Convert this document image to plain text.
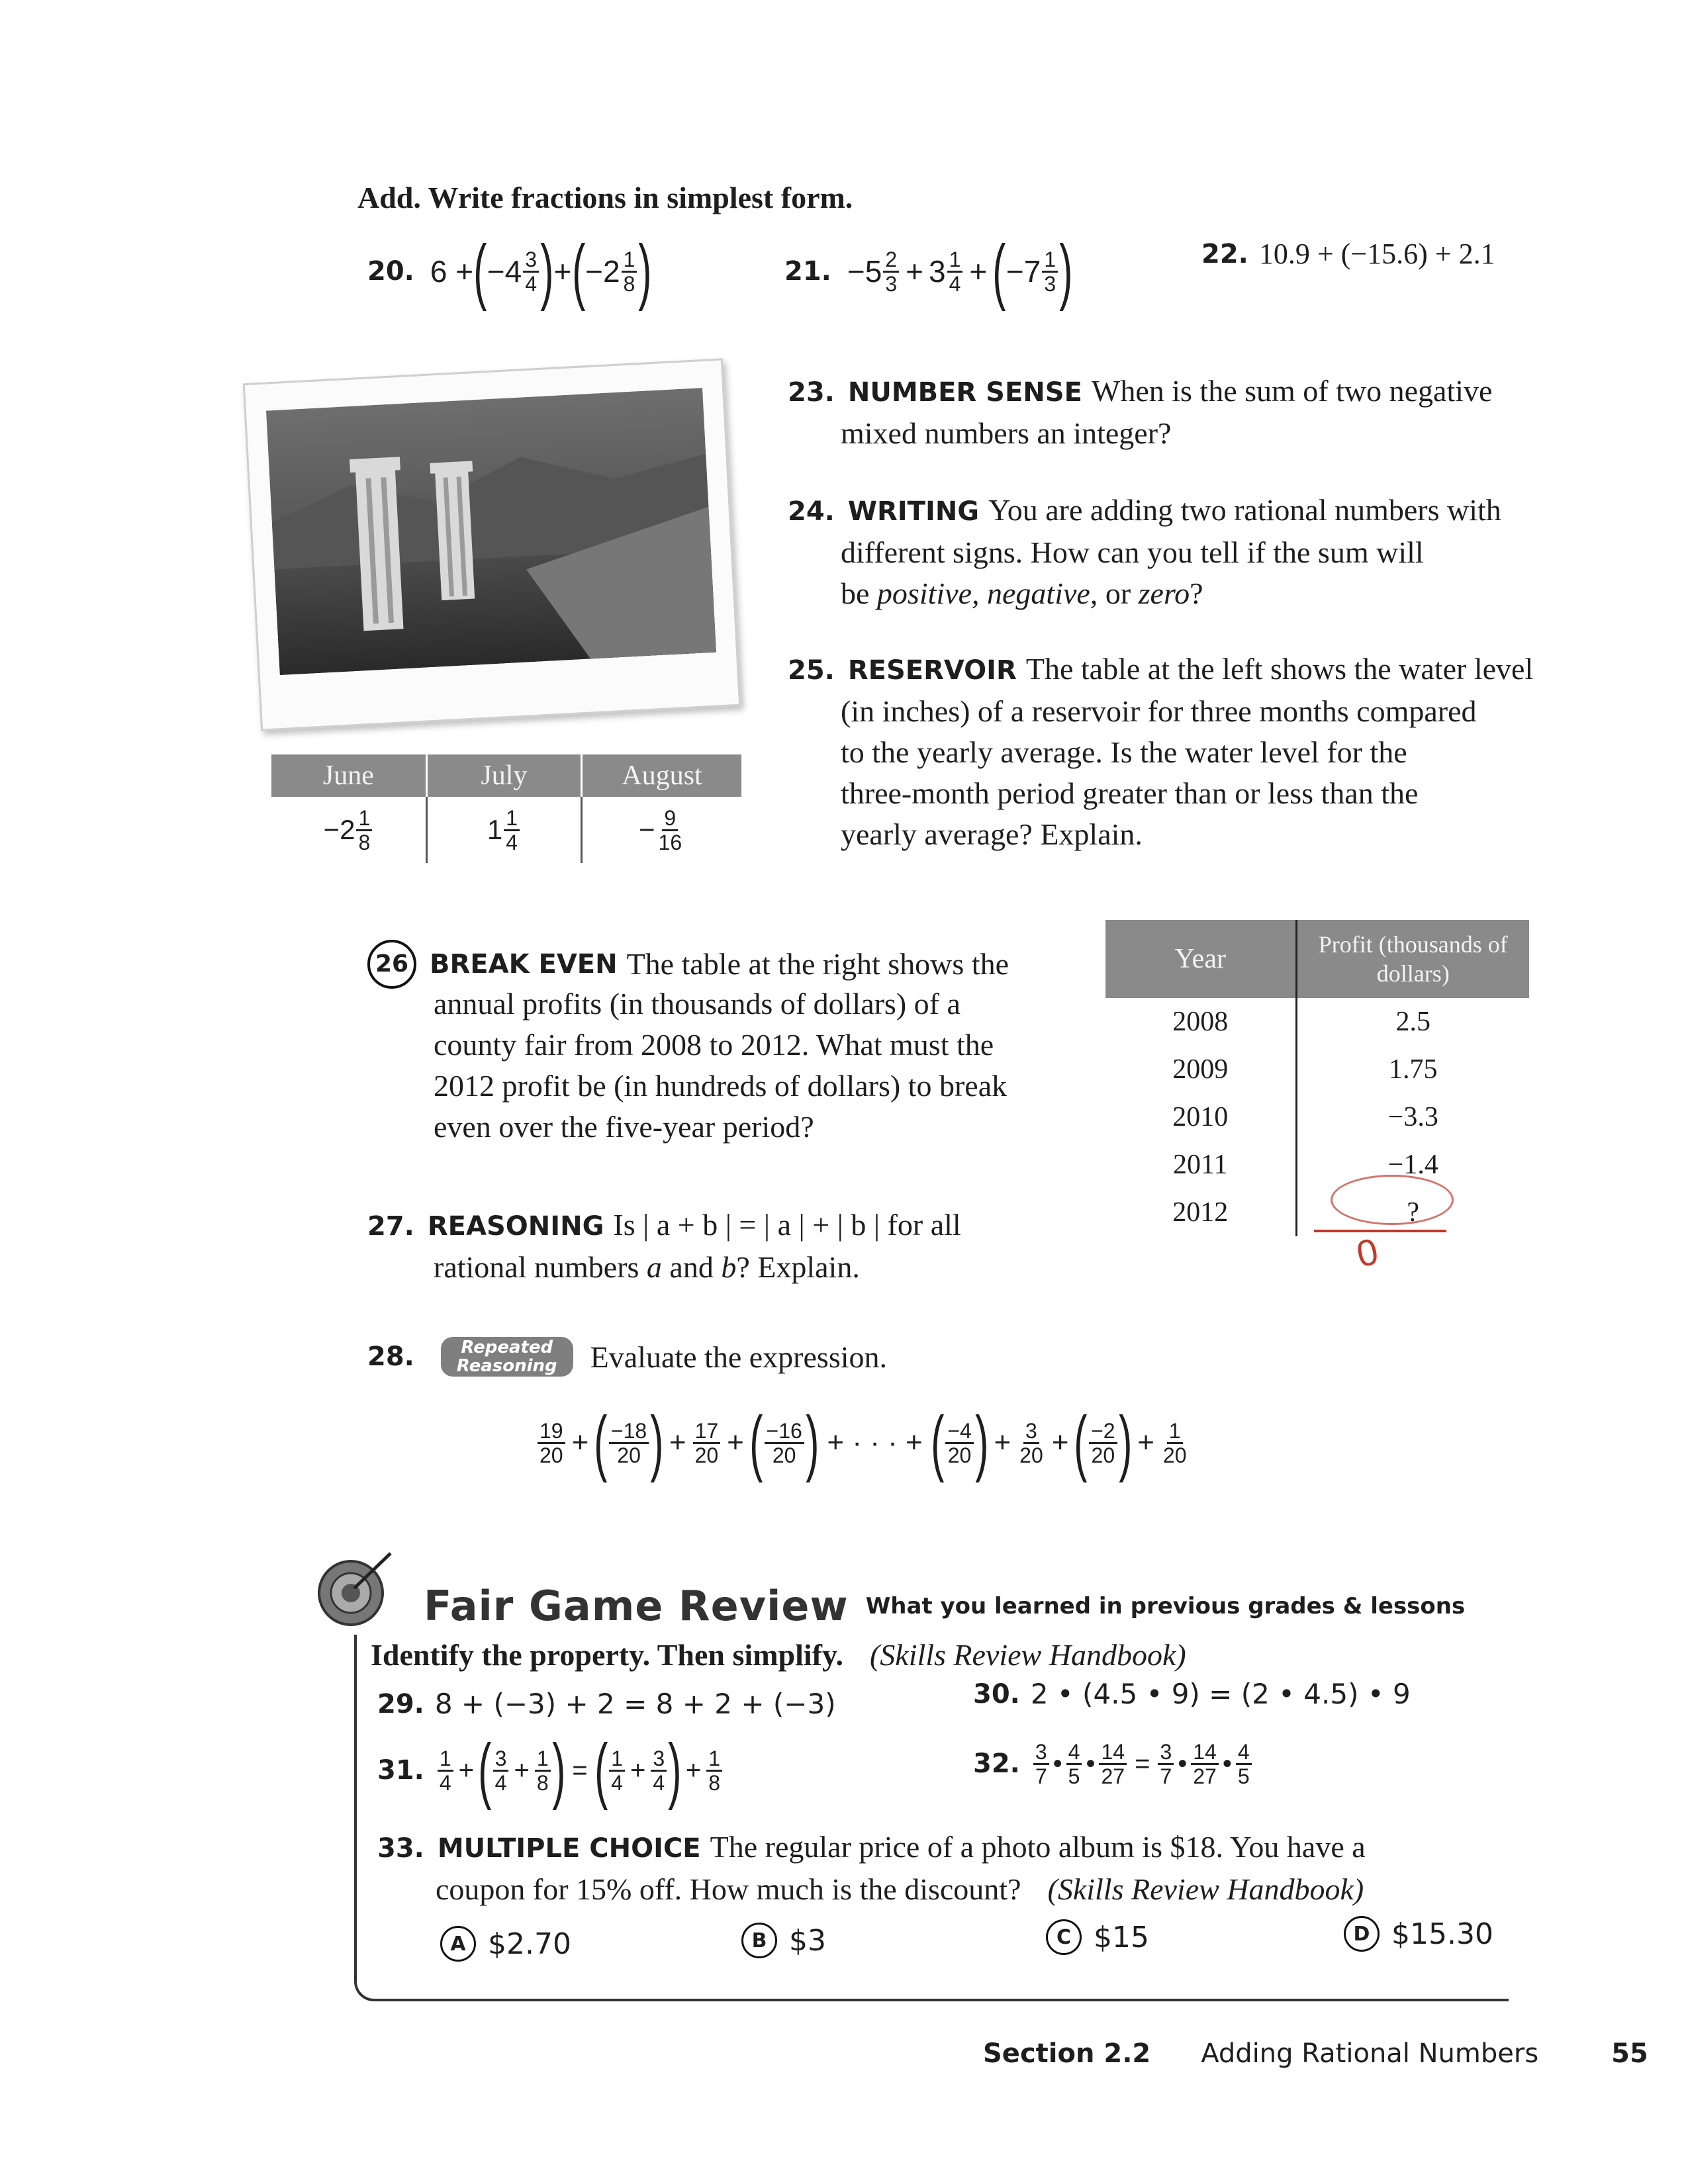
Add. Write fractions in simplest form.
20. 6 + ( $-4 \frac{3}{4}$ ) + ( $-2 \frac{1}{8}$ )	21. $-5 \frac{2}{3} + 3 \frac{1}{4}$ + ( $-7 \frac{1}{3}$ )	22. 10.9 + (−15.6) + 2.1
June	July	August

− $2 \frac{1}{8}$	$1 \frac{1}{4}$	− $\frac{9}{16}$
23. NUMBER SENSE When is the sum of two negative
mixed numbers an integer?
24. WRITING You are adding two rational numbers with
different signs. How can you tell if the sum will
be positive, negative, or zero?
25. RESERVOIR The table at the left shows the water level
(in inches) of a reservoir for three months compared
to the yearly average. Is the water level for the
three-month period greater than or less than the
yearly average? Explain.
26 BREAK EVEN The table at the right shows the
annual profits (in thousands of dollars) of a
county fair from 2008 to 2012. What must the
2012 profit be (in hundreds of dollars) to break
even over the five-year period?
Year	Profit (thousands of dollars)
2008	2.5
2009	1.75
2010	−3.3
2011	−1.4
2012	?
0
27. REASONING Is | a + b | = | a | + | b | for all
rational numbers a and b? Explain.
28.	Repeated
Reasoning Evaluate the expression.
$\frac{19}{20}$ + ( $\frac{-18}{20}$ ) + $\frac{17}{20}$ + ( $\frac{-16}{20}$ ) + · · · + ( $\frac{-4}{20}$ ) + $\frac{3}{20}$ + ( $\frac{-2}{20}$ ) + $\frac{1}{20}$
Fair Game Review What you learned in previous grades & lessons
Identify the property. Then simplify. (Skills Review Handbook)
29. 8 + (−3) + 2 = 8 + 2 + (−3)	30. 2 • (4.5 • 9) = (2 • 4.5) • 9
31. $\frac{1}{4}$ + ( $\frac{3}{4} + \frac{1}{8}$ ) = ( $\frac{1}{4} + \frac{3}{4}$ ) + $\frac{1}{8}$	32. $\frac{3}{7}$ • $\frac{4}{5}$ • $\frac{14}{27} = \frac{3}{7}$ • $\frac{14}{27}$ • $\frac{4}{5}$
33. MULTIPLE CHOICE The regular price of a photo album is $18. You have a
coupon for 15% off. How much is the discount? (Skills Review Handbook)
A $2.70	B $3	C $15	D $15.30
Section 2.2 Adding Rational Numbers	55
